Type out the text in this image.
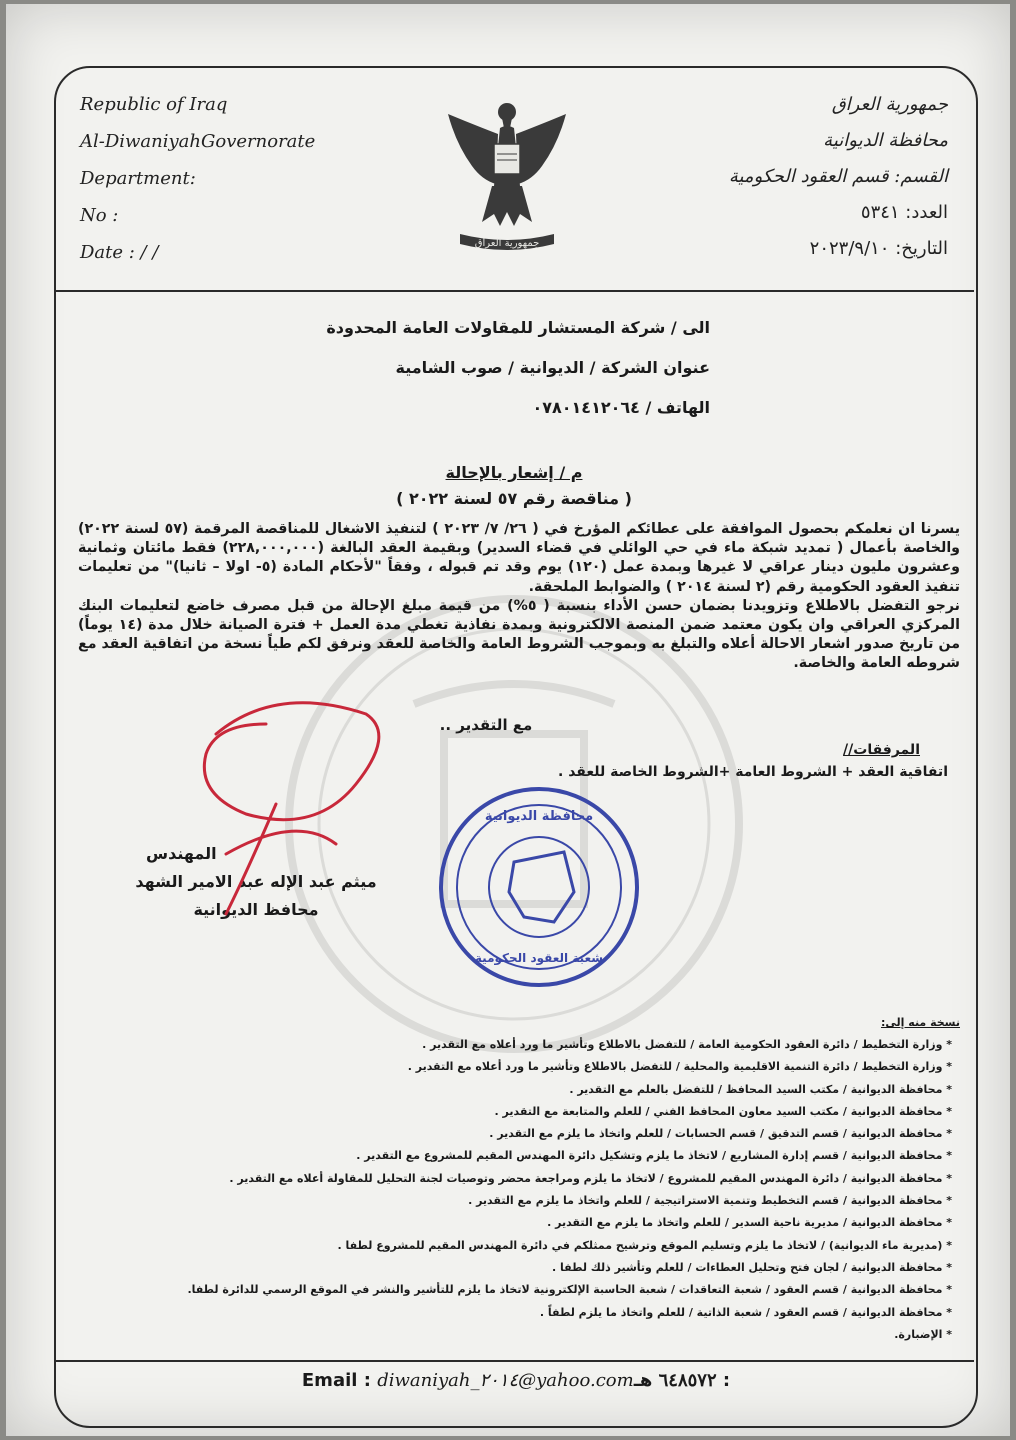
Republic of Iraq
Al-DiwaniyahGovernorate
Department:
No :
Date : / /	جمهورية العراق
جمهورية العراق
محافظة الديوانية
القسم: قسم العقود الحكومية
العدد: ٥٣٤١
التاريخ: ٢٠٢٣/٩/١٠
الى / شركة المستشار للمقاولات العامة المحدودة
عنوان الشركة / الديوانية / صوب الشامية
الهاتف / ٠٧٨٠١٤١٢٠٦٤
م / إشعار بالإحالة
( مناقصة رقم ٥٧ لسنة ٢٠٢٢ )

يسرنا ان نعلمكم بحصول الموافقة على عطائكم المؤرخ في ( ٢٦/ ٧/ ٢٠٢٣ ) لتنفيذ الاشغال للمناقصة المرقمة (٥٧ لسنة ٢٠٢٢) والخاصة بأعمال ( تمديد شبكة ماء في حي الوائلي في قضاء السدير) وبقيمة العقد البالغة (٢٢٨,٠٠٠,٠٠٠) فقط مائتان وثمانية وعشرون مليون دينار عراقي لا غيرها وبمدة عمل (١٢٠) يوم وقد تم قبوله ، وفقاً "لأحكام المادة (٥- اولا – ثانيا)" من تعليمات تنفيذ العقود الحكومية رقم (٢ لسنة ٢٠١٤ ) والضوابط الملحقة.

نرجو التفضل بالاطلاع وتزويدنا بضمان حسن الأداء بنسبة ( ٥%) من قيمة مبلغ الإحالة من قبل مصرف خاضع لتعليمات البنك المركزي العراقي وان يكون معتمد ضمن المنصة الالكترونية وبمدة نفاذية تغطي مدة العمل + فترة الصيانة خلال مدة (١٤ يوماً) من تاريخ صدور اشعار الاحالة أعلاه والتبلغ به وبموجب الشروط العامة والخاصة للعقد ونرفق لكم طياً نسخة من اتفاقية العقد مع شروطه العامة والخاصة.

مع التقدير ..
المرفقات//
اتفاقية العقد + الشروط العامة +الشروط الخاصة للعقد .
المهندس
ميثم عبد الإله عبد الامير الشهد
محافظ الديوانية
محافظة الديوانية
شعبة العقود الحكومية
نسخة منه إلى:
* وزارة التخطيط / دائرة العقود الحكومية العامة / للتفضل بالاطلاع وتأشير ما ورد أعلاه مع التقدير .
* وزارة التخطيط / دائرة التنمية الاقليمية والمحلية / للتفضل بالاطلاع وتأشير ما ورد أعلاه مع التقدير .
* محافظة الديوانية / مكتب السيد المحافظ / للتفضل بالعلم مع التقدير .
* محافظة الديوانية / مكتب السيد معاون المحافظ الفني / للعلم والمتابعة مع التقدير .
* محافظة الديوانية / قسم التدقيق / قسم الحسابات / للعلم واتخاذ ما يلزم مع التقدير .
* محافظة الديوانية / قسم إدارة المشاريع / لاتخاذ ما يلزم وتشكيل دائرة المهندس المقيم للمشروع مع التقدير .
* محافظة الديوانية / دائرة المهندس المقيم للمشروع / لاتخاذ ما يلزم ومراجعة محضر وتوصيات لجنة التحليل للمقاولة أعلاه مع التقدير .
* محافظة الديوانية / قسم التخطيط وتنمية الاستراتيجية / للعلم واتخاذ ما يلزم مع التقدير .
* محافظة الديوانية / مديرية ناحية السدير / للعلم واتخاذ ما يلزم مع التقدير .
* (مديرية ماء الديوانية) / لاتخاذ ما يلزم وتسليم الموقع وترشيح ممثلكم في دائرة المهندس المقيم للمشروع لطفا .
* محافظة الديوانية / لجان فتح وتحليل العطاءات / للعلم وتأشير ذلك لطفا .
* محافظة الديوانية / قسم العقود / شعبة التعاقدات / شعبة الحاسبة الإلكترونية لاتخاذ ما يلزم للتأشير والنشر في الموقع الرسمي للدائرة لطفا.
* محافظة الديوانية / قسم العقود / شعبة الذاتية / للعلم واتخاذ ما يلزم لطفاً .
* الإضبارة.
Email : diwaniyah_٢٠١٤@yahoo.com ٦٤٨٥٧٢ هـ :
